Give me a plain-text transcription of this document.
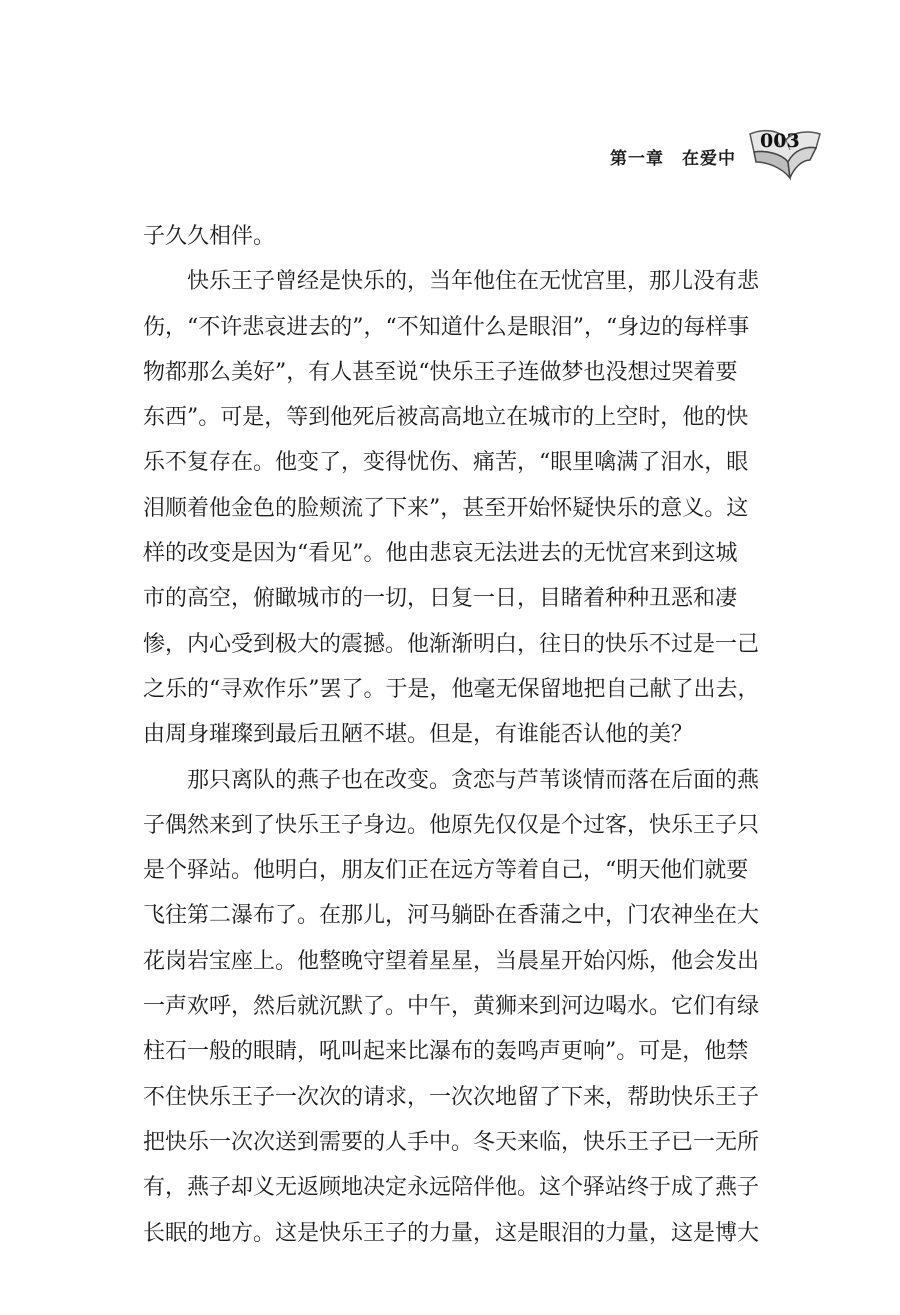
第一章　在爱中
003
子久久相伴。
　　快乐王子曾经是快乐的，当年他住在无忧宫里，那儿没有悲
伤，“不许悲哀进去的”，“不知道什么是眼泪”，“身边的每样事
物都那么美好”，有人甚至说“快乐王子连做梦也没想过哭着要
东西”。可是，等到他死后被高高地立在城市的上空时，他的快
乐不复存在。他变了，变得忧伤、痛苦，“眼里噙满了泪水，眼
泪顺着他金色的脸颊流了下来”，甚至开始怀疑快乐的意义。这
样的改变是因为“看见”。他由悲哀无法进去的无忧宫来到这城
市的高空，俯瞰城市的一切，日复一日，目睹着种种丑恶和凄
惨，内心受到极大的震撼。他渐渐明白，往日的快乐不过是一己
之乐的“寻欢作乐”罢了。于是，他毫无保留地把自己献了出去，
由周身璀璨到最后丑陋不堪。但是，有谁能否认他的美？
　　那只离队的燕子也在改变。贪恋与芦苇谈情而落在后面的燕
子偶然来到了快乐王子身边。他原先仅仅是个过客，快乐王子只
是个驿站。他明白，朋友们正在远方等着自己，“明天他们就要
飞往第二瀑布了。在那儿，河马躺卧在香蒲之中，门农神坐在大
花岗岩宝座上。他整晚守望着星星，当晨星开始闪烁，他会发出
一声欢呼，然后就沉默了。中午，黄狮来到河边喝水。它们有绿
柱石一般的眼睛，吼叫起来比瀑布的轰鸣声更响”。可是，他禁
不住快乐王子一次次的请求，一次次地留了下来，帮助快乐王子
把快乐一次次送到需要的人手中。冬天来临，快乐王子已一无所
有，燕子却义无返顾地决定永远陪伴他。这个驿站终于成了燕子
长眠的地方。这是快乐王子的力量，这是眼泪的力量，这是博大
